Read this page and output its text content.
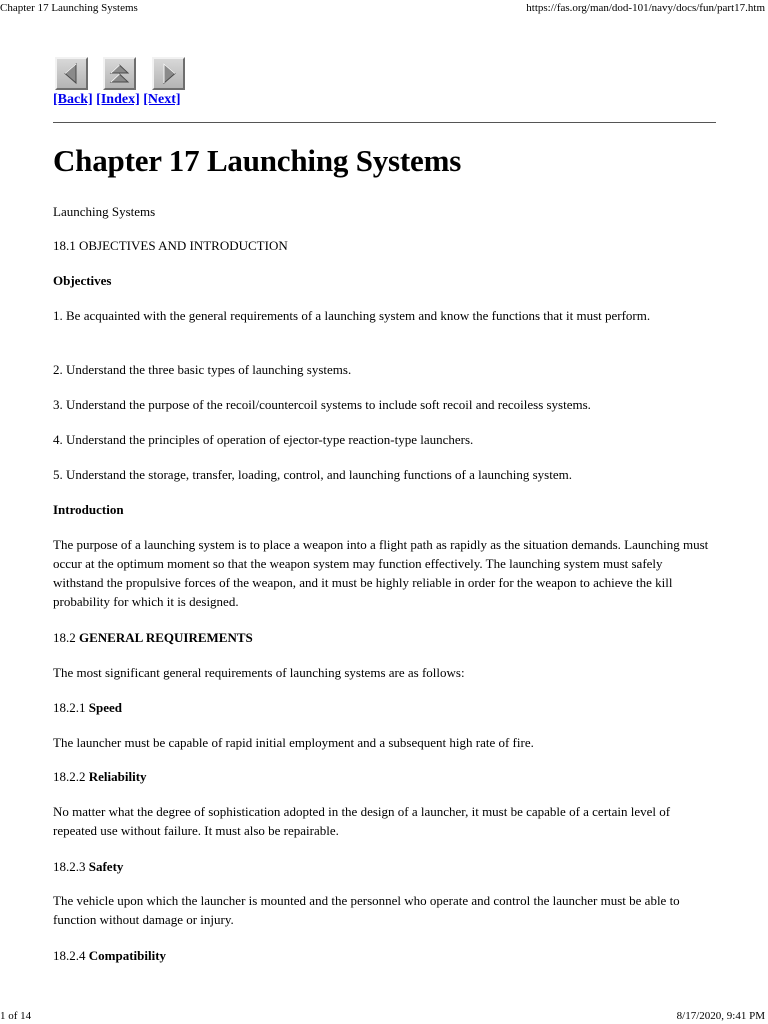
Chapter 17 Launching Systems	https://fas.org/man/dod-101/navy/docs/fun/part17.htm
[Back] [Index] [Next]
Chapter 17 Launching Systems

Launching Systems

18.1 OBJECTIVES AND INTRODUCTION

Objectives

1. Be acquainted with the general requirements of a launching system and know the functions that it must perform.

2. Understand the three basic types of launching systems.

3. Understand the purpose of the recoil/countercoil systems to include soft recoil and recoiless systems.

4. Understand the principles of operation of ejector-type reaction-type launchers.

5. Understand the storage, transfer, loading, control, and launching functions of a launching system.

Introduction

The purpose of a launching system is to place a weapon into a flight path as rapidly as the situation demands. Launching must occur at the optimum moment so that the weapon system may function effectively. The launching system must safely withstand the propulsive forces of the weapon, and it must be highly reliable in order for the weapon to achieve the kill probability for which it is designed.

18.2 GENERAL REQUIREMENTS

The most significant general requirements of launching systems are as follows:

18.2.1 Speed

The launcher must be capable of rapid initial employment and a subsequent high rate of fire.

18.2.2 Reliability

No matter what the degree of sophistication adopted in the design of a launcher, it must be capable of a certain level of repeated use without failure. It must also be repairable.

18.2.3 Safety

The vehicle upon which the launcher is mounted and the personnel who operate and control the launcher must be able to function without damage or injury.

18.2.4 Compatibility

1 of 14	8/17/2020, 9:41 PM
